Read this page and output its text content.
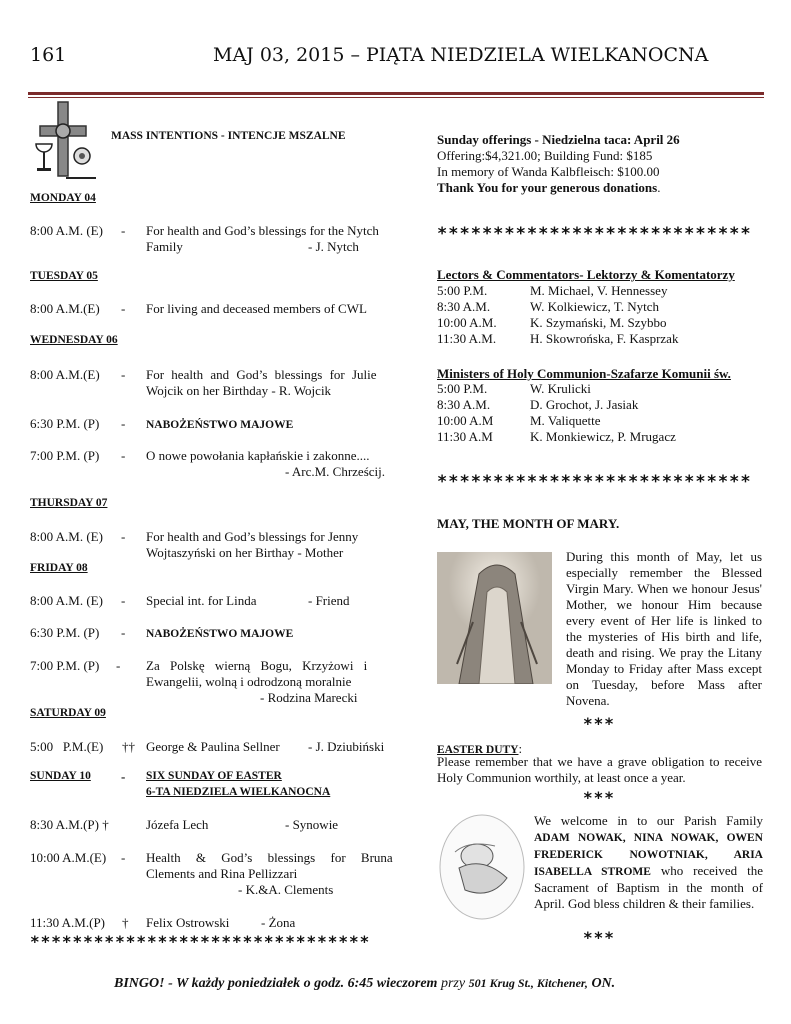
161	MAJ 03, 2015 – PIĄTA NIEDZIELA WIELKANOCNA
MASS INTENTIONS - INTENCJE MSZALNE
MONDAY 04
8:00 A.M. (E) - For health and God’s blessings for the Nytch
Family	- J. Nytch
TUESDAY 05
8:00 A.M.(E) - For living and deceased members of CWL
WEDNESDAY 06
8:00 A.M.(E) - For health and God’s blessings for Julie
Wojcik on her Birthday - R. Wojcik
6:30 P.M. (P) - NABOŻEŃSTWO MAJOWE
7:00 P.M. (P) - O nowe powołania kapłańskie i zakonne....
- Arc.M. Chrześcij.
THURSDAY 07
8:00 A.M. (E) - For health and God’s blessings for Jenny
Wojtaszyński on her Birthay - Mother
FRIDAY 08
8:00 A.M. (E) - Special int. for Linda	- Friend
6:30 P.M. (P) - NABOŻEŃSTWO MAJOWE
7:00 P.M. (P) - Za Polskę wierną Bogu, Krzyżowi i
Ewangelii, wolną i odrodzoną moralnie
- Rodzina Marecki
SATURDAY 09
5:00   P.M.(E) †† George & Paulina Sellner - J. Dziubiński
SUNDAY 10 - SIX SUNDAY OF EASTER
6-TA NIEDZIELA WIELKANOCNA
8:30 A.M.(P) †	Józefa Lech	- Synowie
10:00 A.M.(E) - Health & God’s blessings for Bruna
Clements and Rina Pellizzari
- K.&A. Clements
11:30 A.M.(P) † Felix Ostrowski - Żona
********************************
Sunday offerings - Niedzielna taca: April 26
Offering:$4,321.00; Building Fund: $185
In memory of Wanda Kalbfleisch: $100.00
Thank You for your generous donations.
****************************
Lectors & Commentators- Lektorzy & Komentatorzy
5:00 P.M.	M. Michael, V. Hennessey
8:30 A.M.	W. Kolkiewicz, T. Nytch
10:00 A.M.	K. Szymański, M. Szybbo
11:30 A.M.	H. Skowrońska, F. Kasprzak
Ministers of Holy Communion-Szafarze Komunii św.
5:00 P.M.	W. Krulicki
8:30 A.M.	D. Grochot, J. Jasiak
10:00 A.M	M. Valiquette
11:30 A.M	K. Monkiewicz, P. Mrugacz
****************************
MAY, THE MONTH OF MARY.
During this month of May, let us especially remember the Blessed Virgin Mary. When we honour Jesus' Mother, we honour Him because every event of Her life is linked to the mysteries of His birth and life, death and rising. We pray the Litany Monday to Friday after Mass except on Tuesday, before Mass after Novena.
***
EASTER DUTY:
Please remember that we have a grave obligation to receive Holy Communion worthily, at least once a year.
***
We welcome in to our Parish Family ADAM NOWAK, NINA NOWAK, OWEN FREDERICK NOWOTNIAK, ARIA ISABELLA STROME who received the Sacrament of Baptism in the month of April. God bless children & their families.
***
BINGO! - W każdy poniedziałek o godz. 6:45 wieczorem przy 501 Krug St., Kitchener, ON.
